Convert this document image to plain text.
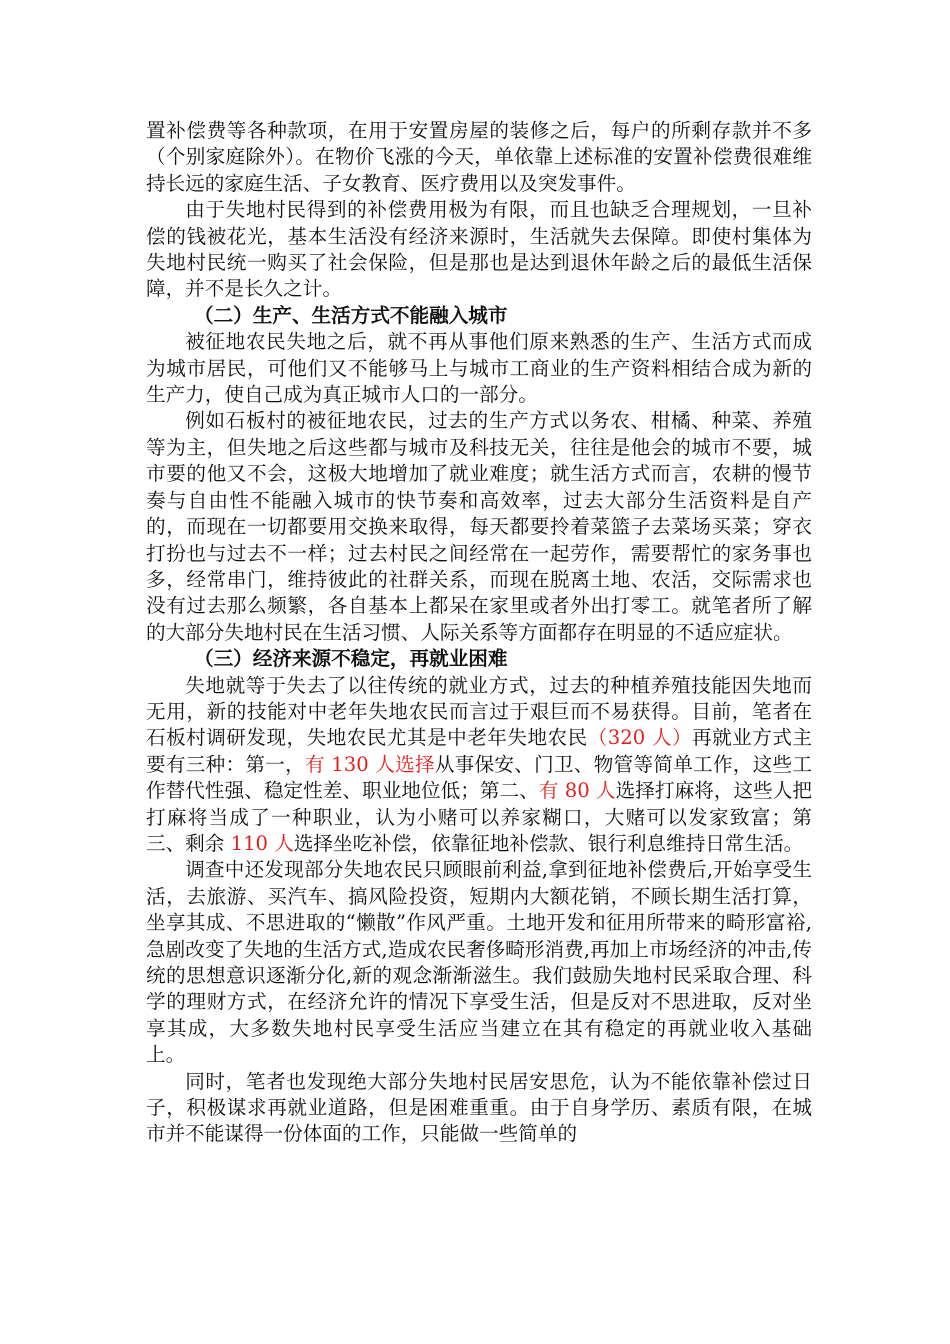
置补偿费等各种款项，在用于安置房屋的装修之后，每户的所剩存款并不多（个别家庭除外）。在物价飞涨的今天，单依靠上述标准的安置补偿费很难维持长远的家庭生活、子女教育、医疗费用以及突发事件。

由于失地村民得到的补偿费用极为有限，而且也缺乏合理规划，一旦补偿的钱被花光，基本生活没有经济来源时，生活就失去保障。即使村集体为失地村民统一购买了社会保险，但是那也是达到退休年龄之后的最低生活保障，并不是长久之计。

（二）生产、生活方式不能融入城市

被征地农民失地之后，就不再从事他们原来熟悉的生产、生活方式而成为城市居民，可他们又不能够马上与城市工商业的生产资料相结合成为新的生产力，使自己成为真正城市人口的一部分。

例如石板村的被征地农民，过去的生产方式以务农、柑橘、种菜、养殖等为主，但失地之后这些都与城市及科技无关，往往是他会的城市不要，城市要的他又不会，这极大地增加了就业难度；就生活方式而言，农耕的慢节奏与自由性不能融入城市的快节奏和高效率，过去大部分生活资料是自产的，而现在一切都要用交换来取得，每天都要拎着菜篮子去菜场买菜；穿衣打扮也与过去不一样；过去村民之间经常在一起劳作，需要帮忙的家务事也多，经常串门，维持彼此的社群关系，而现在脱离土地、农活，交际需求也没有过去那么频繁，各自基本上都呆在家里或者外出打零工。就笔者所了解的大部分失地村民在生活习惯、人际关系等方面都存在明显的不适应症状。

（三）经济来源不稳定，再就业困难

失地就等于失去了以往传统的就业方式，过去的种植养殖技能因失地而无用，新的技能对中老年失地农民而言过于艰巨而不易获得。目前，笔者在石板村调研发现，失地农民尤其是中老年失地农民（320 人）再就业方式主要有三种：第一，有 130 人选择从事保安、门卫、物管等简单工作，这些工作替代性强、稳定性差、职业地位低；第二、有 80 人选择打麻将，这些人把打麻将当成了一种职业，认为小赌可以养家糊口，大赌可以发家致富；第三、剩余 110 人选择坐吃补偿，依靠征地补偿款、银行利息维持日常生活。

调查中还发现部分失地农民只顾眼前利益,拿到征地补偿费后,开始享受生活，去旅游、买汽车、搞风险投资，短期内大额花销，不顾长期生活打算，坐享其成、不思进取的“懒散”作风严重。土地开发和征用所带来的畸形富裕,急剧改变了失地的生活方式,造成农民奢侈畸形消费,再加上市场经济的冲击,传统的思想意识逐渐分化,新的观念渐渐滋生。我们鼓励失地村民采取合理、科学的理财方式，在经济允许的情况下享受生活，但是反对不思进取，反对坐享其成，大多数失地村民享受生活应当建立在其有稳定的再就业收入基础上。

同时，笔者也发现绝大部分失地村民居安思危，认为不能依靠补偿过日子，积极谋求再就业道路，但是困难重重。由于自身学历、素质有限，在城市并不能谋得一份体面的工作，只能做一些简单的
